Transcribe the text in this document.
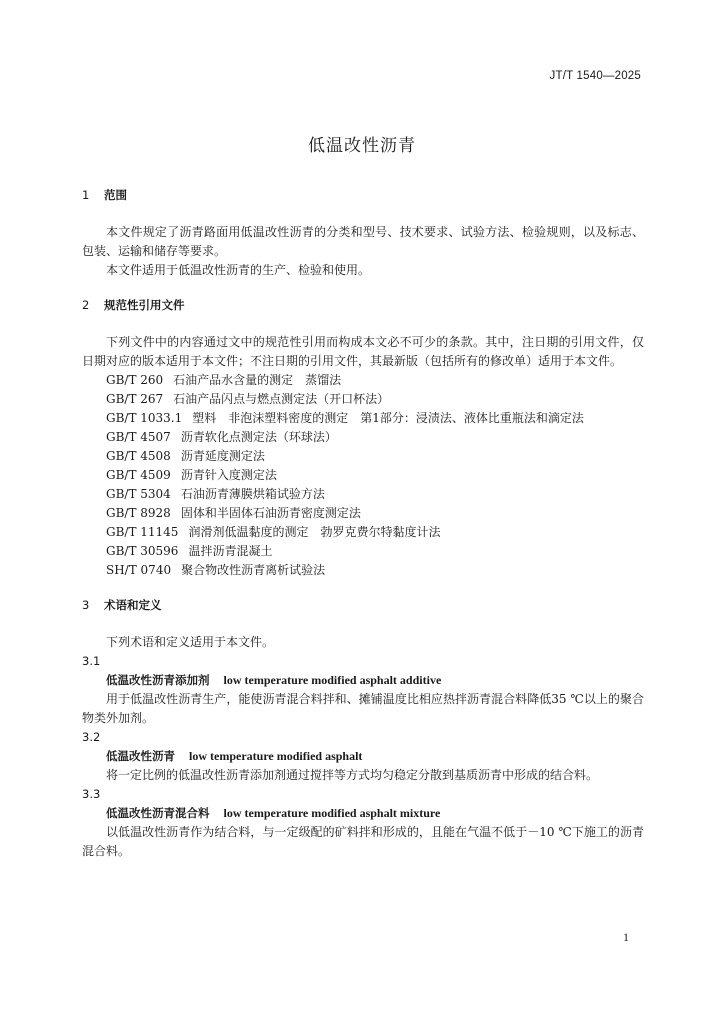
JT/T 1540—2025
低温改性沥青

1 范围

本文件规定了沥青路面用低温改性沥青的分类和型号、技术要求、试验方法、检验规则，以及标志、包装、运输和储存等要求。

本文件适用于低温改性沥青的生产、检验和使用。

2 规范性引用文件

下列文件中的内容通过文中的规范性引用而构成本文必不可少的条款。其中，注日期的引用文件，仅日期对应的版本适用于本文件；不注日期的引用文件，其最新版（包括所有的修改单）适用于本文件。

GB/T 260 石油产品水含量的测定　蒸馏法
GB/T 267 石油产品闪点与燃点测定法（开口杯法）
GB/T 1033.1 塑料　非泡沫塑料密度的测定　第1部分：浸渍法、液体比重瓶法和滴定法
GB/T 4507 沥青软化点测定法（环球法）
GB/T 4508 沥青延度测定法
GB/T 4509 沥青针入度测定法
GB/T 5304 石油沥青薄膜烘箱试验方法
GB/T 8928 固体和半固体石油沥青密度测定法
GB/T 11145 润滑剂低温黏度的测定　勃罗克费尔特黏度计法
GB/T 30596 温拌沥青混凝土
SH/T 0740 聚合物改性沥青离析试验法

3 术语和定义

下列术语和定义适用于本文件。

3.1

低温改性沥青添加剂 low temperature modified asphalt additive

用于低温改性沥青生产，能使沥青混合料拌和、摊铺温度比相应热拌沥青混合料降低35 ℃以上的聚合物类外加剂。

3.2

低温改性沥青 low temperature modified asphalt

将一定比例的低温改性沥青添加剂通过搅拌等方式均匀稳定分散到基质沥青中形成的结合料。

3.3

低温改性沥青混合料 low temperature modified asphalt mixture

以低温改性沥青作为结合料，与一定级配的矿料拌和形成的，且能在气温不低于－10 ℃下施工的沥青混合料。

1
